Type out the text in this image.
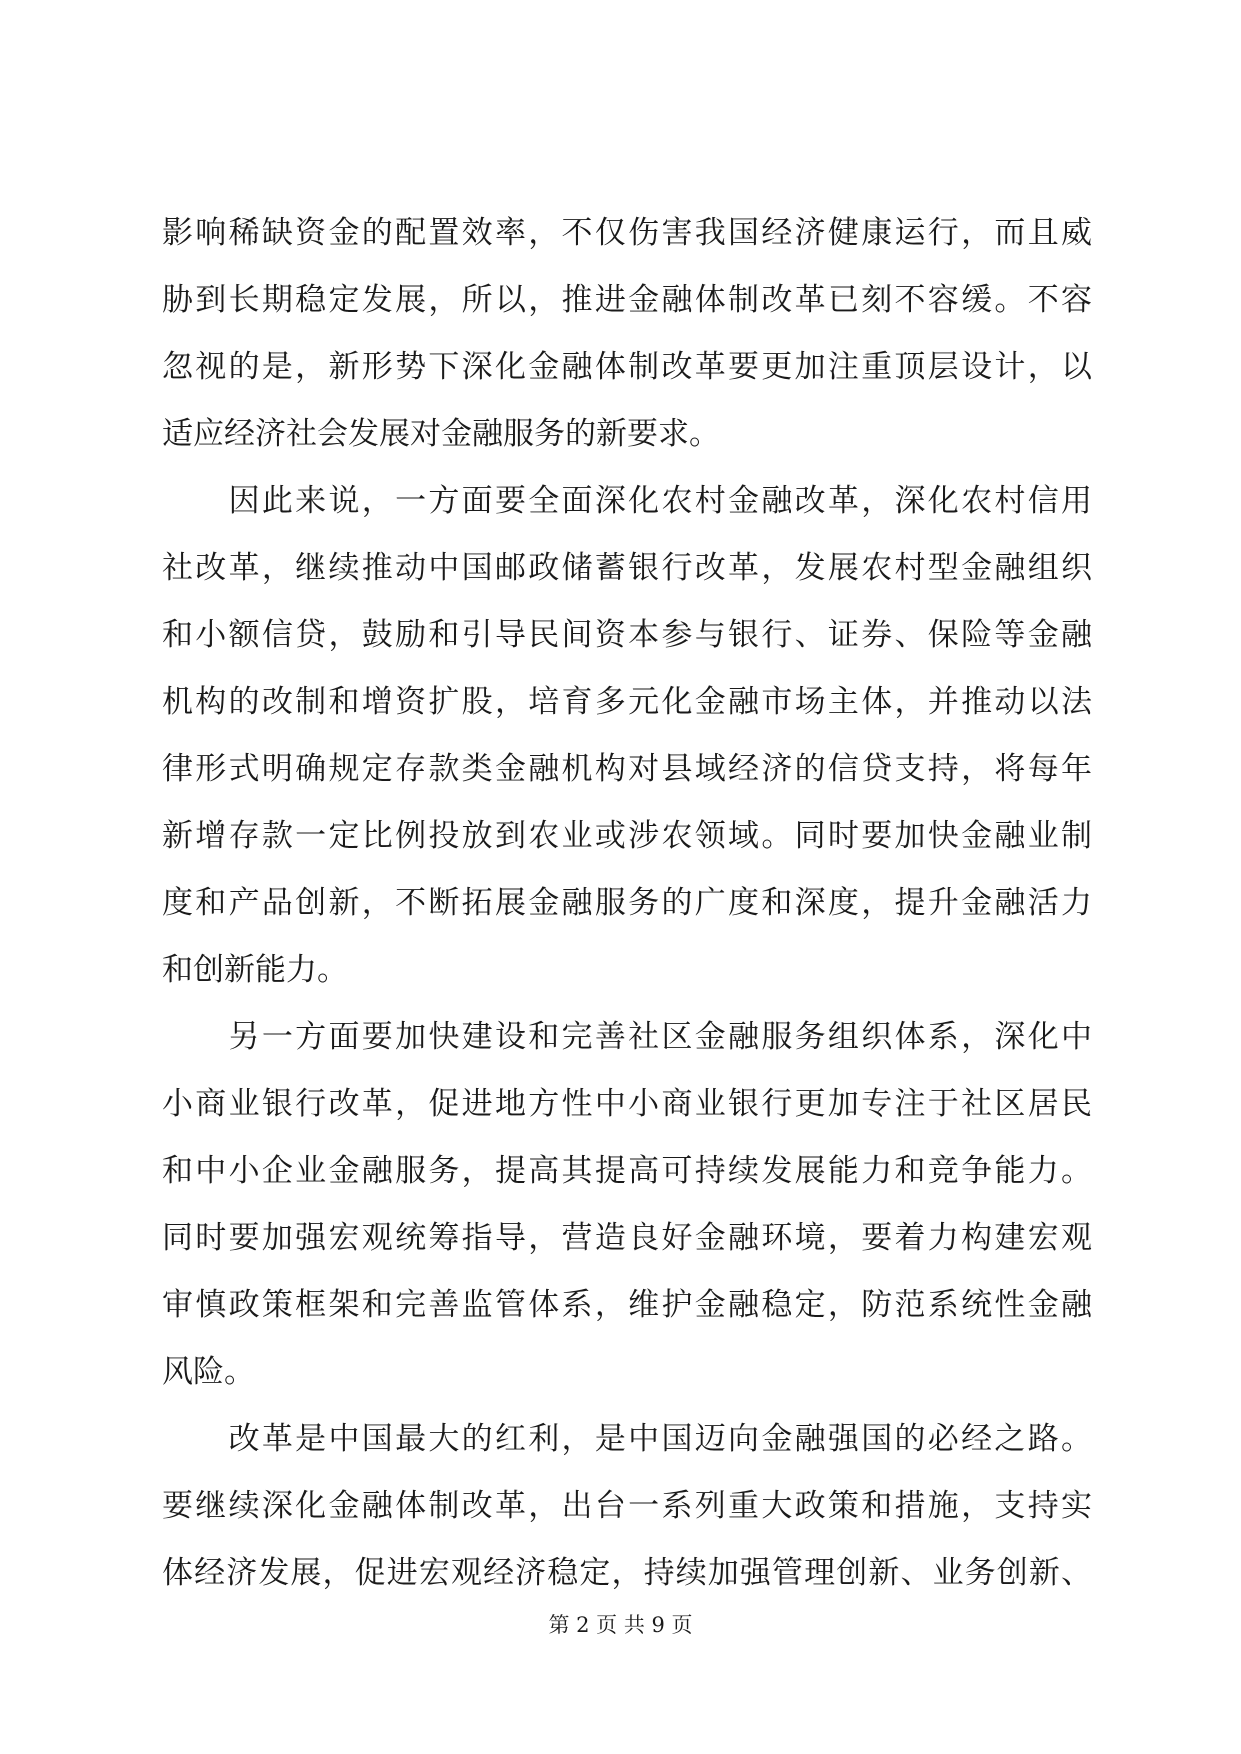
影响稀缺资金的配置效率，不仅伤害我国经济健康运行，而且威
胁到长期稳定发展，所以，推进金融体制改革已刻不容缓。不容
忽视的是，新形势下深化金融体制改革要更加注重顶层设计，以
适应经济社会发展对金融服务的新要求。
　　因此来说，一方面要全面深化农村金融改革，深化农村信用
社改革，继续推动中国邮政储蓄银行改革，发展农村型金融组织
和小额信贷，鼓励和引导民间资本参与银行、证券、保险等金融
机构的改制和增资扩股，培育多元化金融市场主体，并推动以法
律形式明确规定存款类金融机构对县域经济的信贷支持，将每年
新增存款一定比例投放到农业或涉农领域。同时要加快金融业制
度和产品创新，不断拓展金融服务的广度和深度，提升金融活力
和创新能力。
　　另一方面要加快建设和完善社区金融服务组织体系，深化中
小商业银行改革，促进地方性中小商业银行更加专注于社区居民
和中小企业金融服务，提高其提高可持续发展能力和竞争能力。
同时要加强宏观统筹指导，营造良好金融环境，要着力构建宏观
审慎政策框架和完善监管体系，维护金融稳定，防范系统性金融
风险。
　　改革是中国最大的红利，是中国迈向金融强国的必经之路。
要继续深化金融体制改革，出台一系列重大政策和措施，支持实
体经济发展，促进宏观经济稳定，持续加强管理创新、业务创新、
第 2 页 共 9 页
